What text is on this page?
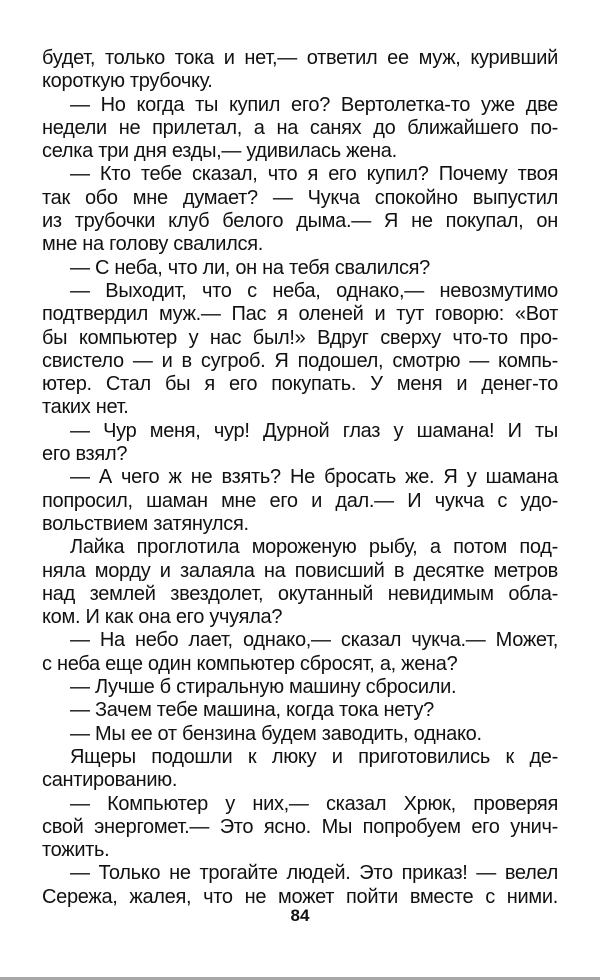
будет, только тока и нет,— ответил ее муж, куривший
короткую трубочку.
— Но когда ты купил его? Вертолетка-то уже две
недели не прилетал, а на санях до ближайшего по-
селка три дня езды,— удивилась жена.
— Кто тебе сказал, что я его купил? Почему твоя
так обо мне думает? — Чукча спокойно выпустил
из трубочки клуб белого дыма.— Я не покупал, он
мне на голову свалился.
— С неба, что ли, он на тебя свалился?
— Выходит, что с неба, однако,— невозмутимо
подтвердил муж.— Пас я оленей и тут говорю: «Вот
бы компьютер у нас был!» Вдруг сверху что-то про-
свистело — и в сугроб. Я подошел, смотрю — компь-
ютер. Стал бы я его покупать. У меня и денег-то
таких нет.
— Чур меня, чур! Дурной глаз у шамана! И ты
его взял?
— А чего ж не взять? Не бросать же. Я у шамана
попросил, шаман мне его и дал.— И чукча с удо-
вольствием затянулся.
Лайка проглотила мороженую рыбу, а потом под-
няла морду и залаяла на повисший в десятке метров
над землей звездолет, окутанный невидимым обла-
ком. И как она его учуяла?
— На небо лает, однако,— сказал чукча.— Может,
с неба еще один компьютер сбросят, а, жена?
— Лучше б стиральную машину сбросили.
— Зачем тебе машина, когда тока нету?
— Мы ее от бензина будем заводить, однако.
Ящеры подошли к люку и приготовились к де-
сантированию.
— Компьютер у них,— сказал Хрюк, проверяя
свой энергомет.— Это ясно. Мы попробуем его унич-
тожить.
— Только не трогайте людей. Это приказ! — велел
Сережа, жалея, что не может пойти вместе с ними.
84
